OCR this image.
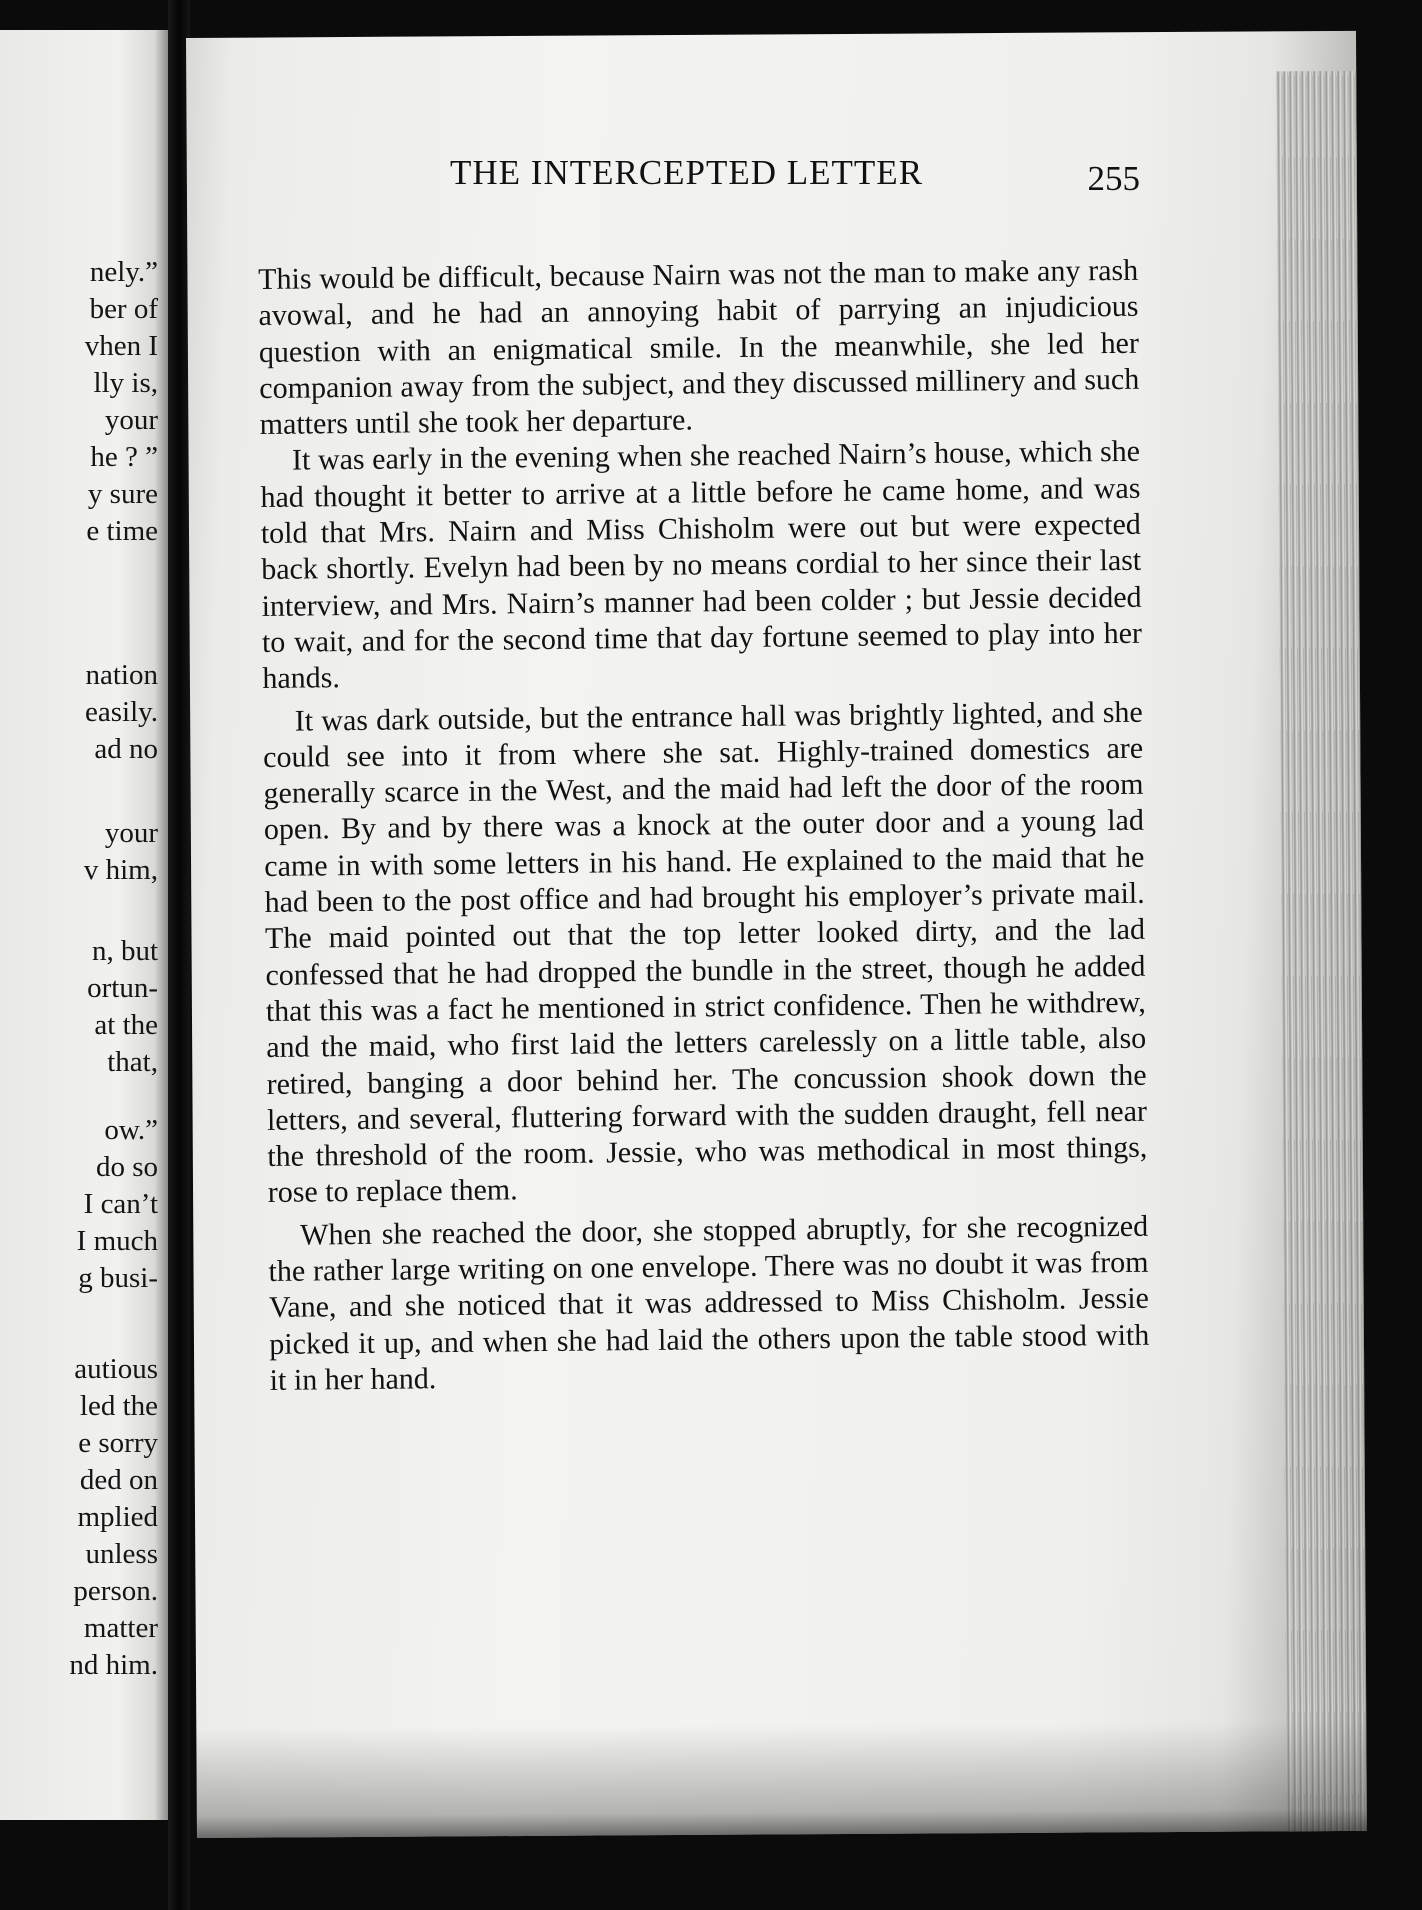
nely.”
ber of
vhen I
lly is,
your
he ? ”
y sure
e time
nation
easily.
ad no
your
v him,
n, but
ortun-
at the
that,
ow.”
do so
I can’t
I much
g busi-
autious
led the
e sorry
ded on
mplied
unless
person.
matter
nd him.
THE INTERCEPTED LETTER	255

This would be difficult, because Nairn was not the man to make any rash avowal, and he had an annoying habit of parrying an injudicious question with an enigmatical smile. In the meanwhile, she led her companion away from the subject, and they discussed millinery and such matters until she took her departure.

It was early in the evening when she reached Nairn’s house, which she had thought it better to arrive at a little before he came home, and was told that Mrs. Nairn and Miss Chisholm were out but were expected back shortly. Evelyn had been by no means cordial to her since their last interview, and Mrs. Nairn’s manner had been colder ; but Jessie decided to wait, and for the second time that day fortune seemed to play into her hands.

It was dark outside, but the entrance hall was brightly lighted, and she could see into it from where she sat. Highly-trained domestics are generally scarce in the West, and the maid had left the door of the room open. By and by there was a knock at the outer door and a young lad came in with some letters in his hand. He explained to the maid that he had been to the post office and had brought his employer’s private mail. The maid pointed out that the top letter looked dirty, and the lad confessed that he had dropped the bundle in the street, though he added that this was a fact he mentioned in strict confidence. Then he withdrew, and the maid, who first laid the letters carelessly on a little table, also retired, banging a door behind her. The concussion shook down the letters, and several, fluttering forward with the sudden draught, fell near the threshold of the room. Jessie, who was methodical in most things, rose to replace them.

When she reached the door, she stopped abruptly, for she recognized the rather large writing on one envelope. There was no doubt it was from Vane, and she noticed that it was addressed to Miss Chisholm. Jessie picked it up, and when she had laid the others upon the table stood with it in her hand.
